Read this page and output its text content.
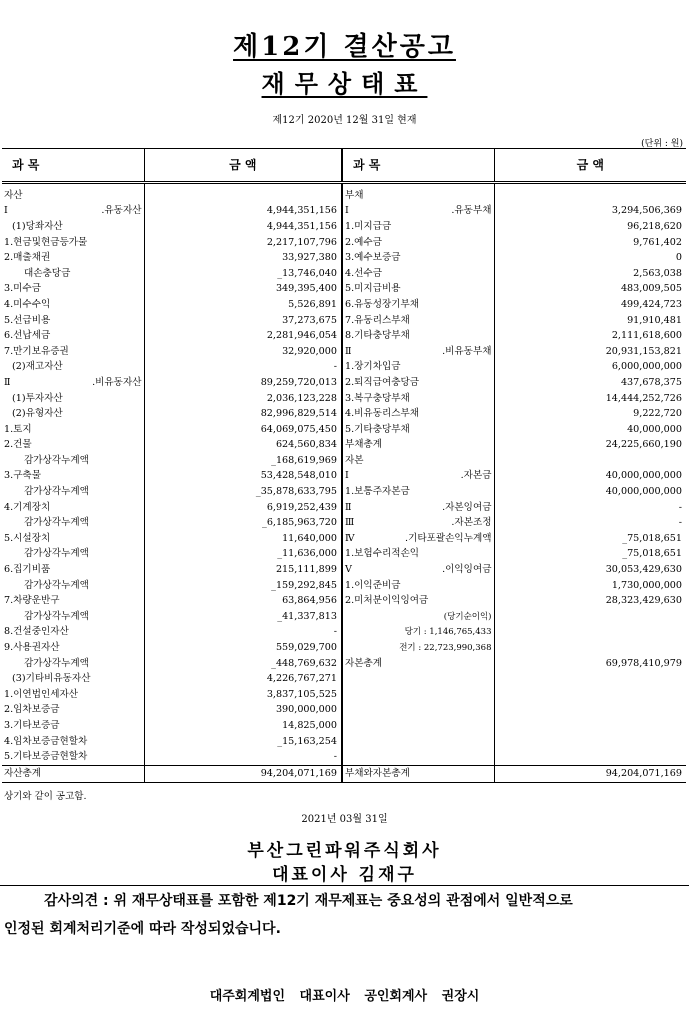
제12기 결산공고
재무상태표
제12기 2020년 12월 31일 현재
(단위 : 원)
과 목	금 액	과 목	금 액
자산		부채	
Ⅰ.유동자산	4,944,351,156	Ⅰ.유동부채	3,294,506,369
(1)당좌자산	4,944,351,156	1.미지급금	96,218,620
1.현금및현금등가물	2,217,107,796	2.예수금	9,761,402
2.매출채권	33,927,380	3.예수보증금	0
대손충당금	_13,746,040	4.선수금	2,563,038
3.미수금	349,395,400	5.미지급비용	483,009,505
4.미수수익	5,526,891	6.유동성장기부채	499,424,723
5.선급비용	37,273,675	7.유동리스부채	91,910,481
6.선납세금	2,281,946,054	8.기타충당부채	2,111,618,600
7.만기보유증권	32,920,000	Ⅱ.비유동부채	20,931,153,821
(2)재고자산	-	1.장기차입금	6,000,000,000
Ⅱ.비유동자산	89,259,720,013	2.퇴직급여충당금	437,678,375
(1)투자자산	2,036,123,228	3.복구충당부채	14,444,252,726
(2)유형자산	82,996,829,514	4.비유동리스부채	9,222,720
1.토지	64,069,075,450	5.기타충당부채	40,000,000
2.건물	624,560,834	부채총계	24,225,660,190
감가상각누계액	_168,619,969	자본	
3.구축물	53,428,548,010	Ⅰ.자본금	40,000,000,000
감가상각누계액	_35,878,633,795	1.보통주자본금	40,000,000,000
4.기계장치	6,919,252,439	Ⅱ.자본잉여금	-
감가상각누계액	_6,185,963,720	Ⅲ.자본조정	-
5.시설장치	11,640,000	Ⅳ.기타포괄손익누계액	_75,018,651
감가상각누계액	_11,636,000	1.보험수리적손익	_75,018,651
6.집기비품	215,111,899	Ⅴ.이익잉여금	30,053,429,630
감가상각누계액	_159,292,845	1.이익준비금	1,730,000,000
7.차량운반구	63,864,956	2.미처분이익잉여금	28,323,429,630
감가상각누계액	_41,337,813	(당기순이익)	
8.건설중인자산	-	당기 : 1,146,765,433	
9.사용권자산	559,029,700	전기 : 22,723,990,368	
감가상각누계액	_448,769,632	자본총계	69,978,410,979
(3)기타비유동자산	4,226,767,271		
1.이연법인세자산	3,837,105,525		
2.임차보증금	390,000,000		
3.기타보증금	14,825,000		
4.임차보증금현할차	_15,163,254		
5.기타보증금현할차	-		
자산총계	94,204,071,169	부채와자본총계	94,204,071,169
상기와 같이 공고함.
2021년 03월 31일
부산그린파워주식회사
대표이사 김재구
감사의견 : 위 재무상태표를 포함한 제12기 재무제표는 중요성의 관점에서 일반적으로
인정된 회계처리기준에 따라 작성되었습니다.
대주회계법인 대표이사 공인회계사 권장시
